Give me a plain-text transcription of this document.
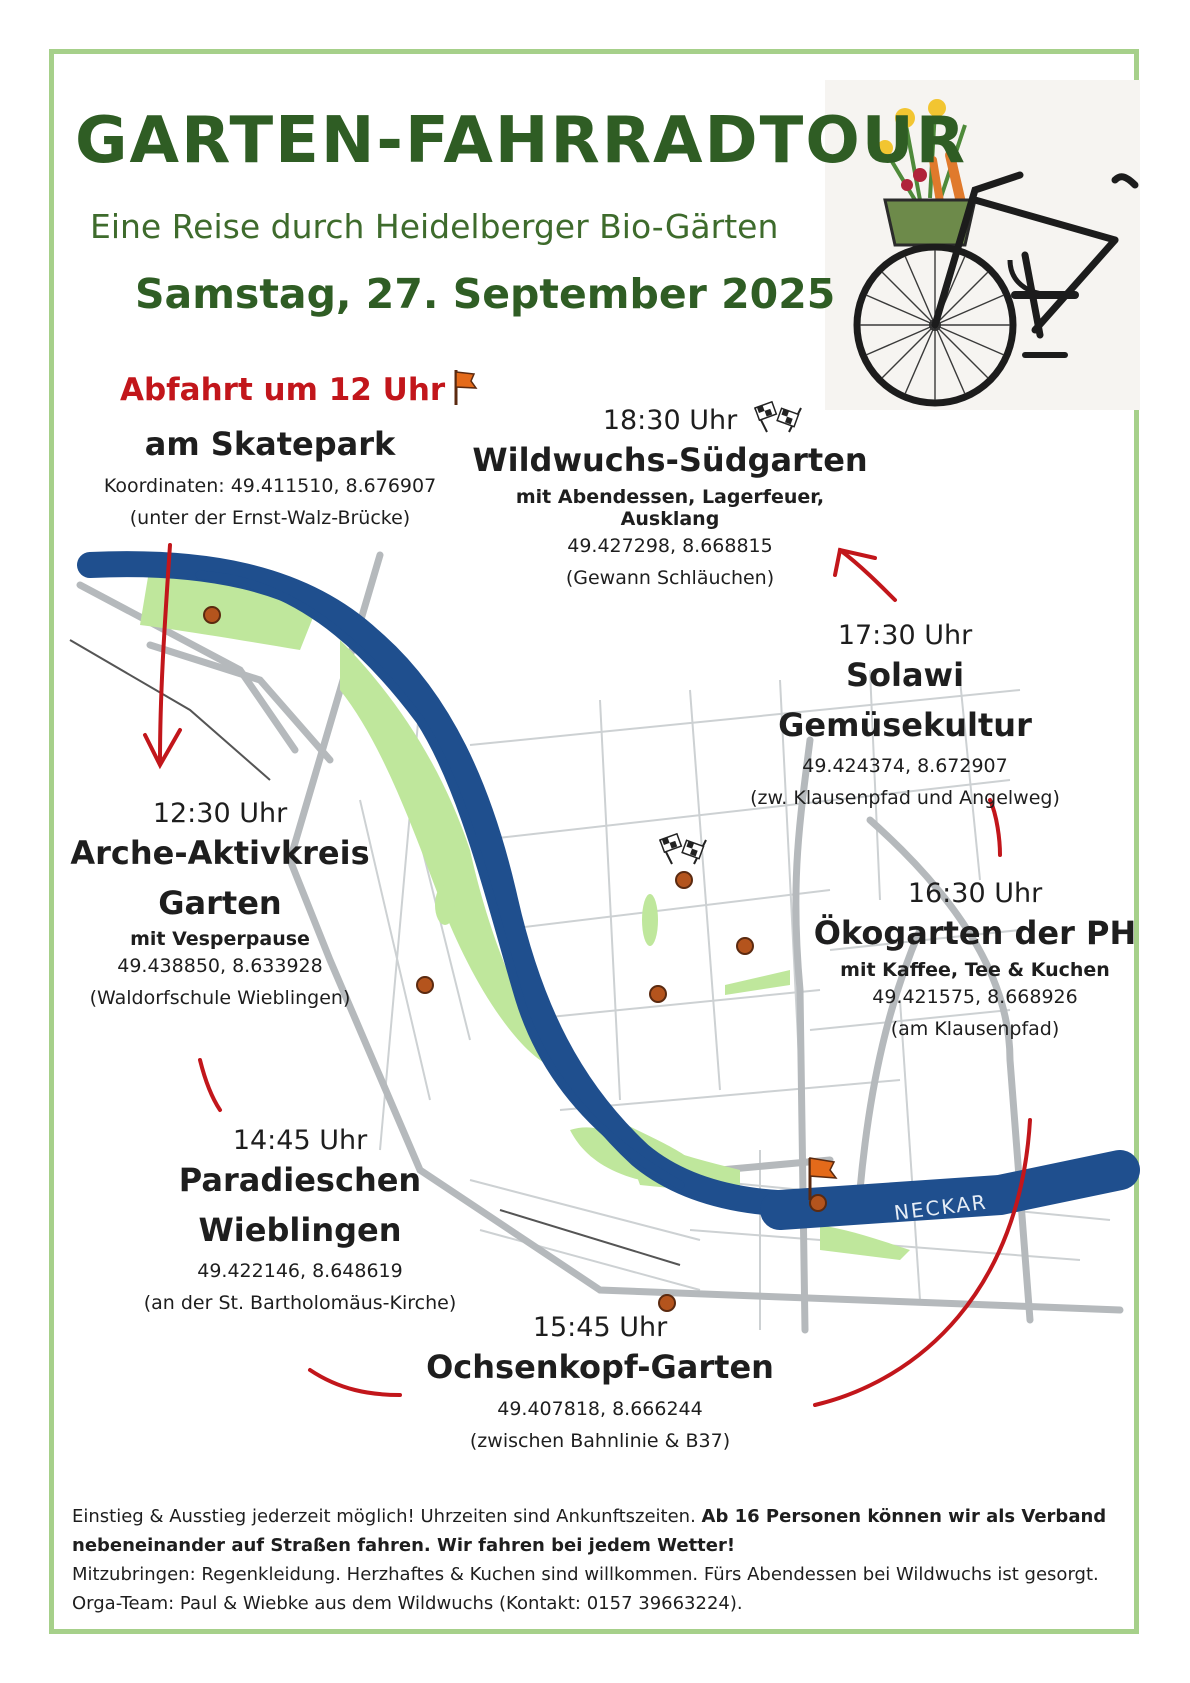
NECKAR
GARTEN-FAHRRADTOUR
Eine Reise durch Heidelberger Bio-Gärten
Samstag, 27. September 2025
Abfahrt um 12 Uhr
am Skatepark
Koordinaten: 49.411510, 8.676907
(unter der Ernst-Walz-Brücke)
12:30 Uhr
Arche-Aktivkreis
Garten
mit Vesperpause
49.438850, 8.633928
(Waldorfschule Wieblingen)
14:45 Uhr
Paradieschen
Wieblingen
49.422146, 8.648619
(an der St. Bartholomäus-Kirche)
15:45 Uhr
Ochsenkopf-Garten
49.407818, 8.666244
(zwischen Bahnlinie & B37)
16:30 Uhr
Ökogarten der PH
mit Kaffee, Tee & Kuchen
49.421575, 8.668926
(am Klausenpfad)
17:30 Uhr
Solawi Gemüsekultur
49.424374, 8.672907
(zw. Klausenpfad und Angelweg)
18:30 Uhr
Wildwuchs-Südgarten
mit Abendessen, Lagerfeuer, Ausklang
49.427298, 8.668815
(Gewann Schläuchen)
Einstieg & Ausstieg jederzeit möglich! Uhrzeiten sind Ankunftszeiten. Ab 16 Personen können wir als Verband
nebeneinander auf Straßen fahren. Wir fahren bei jedem Wetter!
Mitzubringen: Regenkleidung. Herzhaftes & Kuchen sind willkommen. Fürs Abendessen bei Wildwuchs ist gesorgt.
Orga-Team: Paul & Wiebke aus dem Wildwuchs (Kontakt: 0157 39663224).
